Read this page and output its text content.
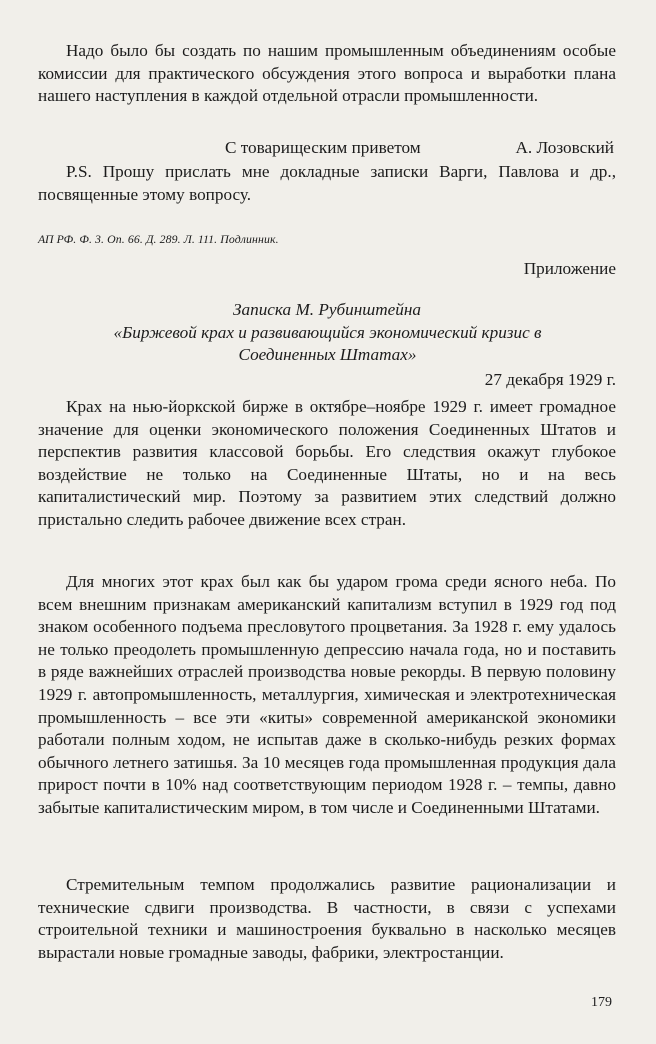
Надо было бы создать по нашим промышленным объединениям особые комиссии для практического обсуждения этого вопроса и выработки плана нашего наступления в каждой отдельной отрасли промышленности.

С товарищеским приветом	А. Лозовский

P.S. Прошу прислать мне докладные записки Варги, Павлова и др., посвященные этому вопросу.

АП РФ. Ф. 3. Оп. 66. Д. 289. Л. 111. Подлинник.

Приложение

Записка М. Рубинштейна

«Биржевой крах и развивающийся экономический кризис в Соединенных Штатах»

27 декабря 1929 г.

Крах на нью-йоркской бирже в октябре–ноябре 1929 г. имеет громадное значение для оценки экономического положения Соединенных Штатов и перспектив развития классовой борьбы. Его следствия окажут глубокое воздействие не только на Соединенные Штаты, но и на весь капиталистический мир. Поэтому за развитием этих следствий должно пристально следить рабочее движение всех стран.

Для многих этот крах был как бы ударом грома среди ясного неба. По всем внешним признакам американский капитализм вступил в 1929 год под знаком особенного подъема пресловутого процветания. За 1928 г. ему удалось не только преодолеть промышленную депрессию начала года, но и поставить в ряде важнейших отраслей производства новые рекорды. В первую половину 1929 г. автопромышленность, металлургия, химическая и электротехническая промышленность – все эти «киты» современной американской экономики работали полным ходом, не испытав даже в сколько-нибудь резких формах обычного летнего затишья. За 10 месяцев года промышленная продукция дала прирост почти в 10% над соответствующим периодом 1928 г. – темпы, давно забытые капиталистическим миром, в том числе и Соединенными Штатами.

Стремительным темпом продолжались развитие рационализации и технические сдвиги производства. В частности, в связи с успехами строительной техники и машиностроения буквально в насколько месяцев вырастали новые громадные заводы, фабрики, электростанции.

179
